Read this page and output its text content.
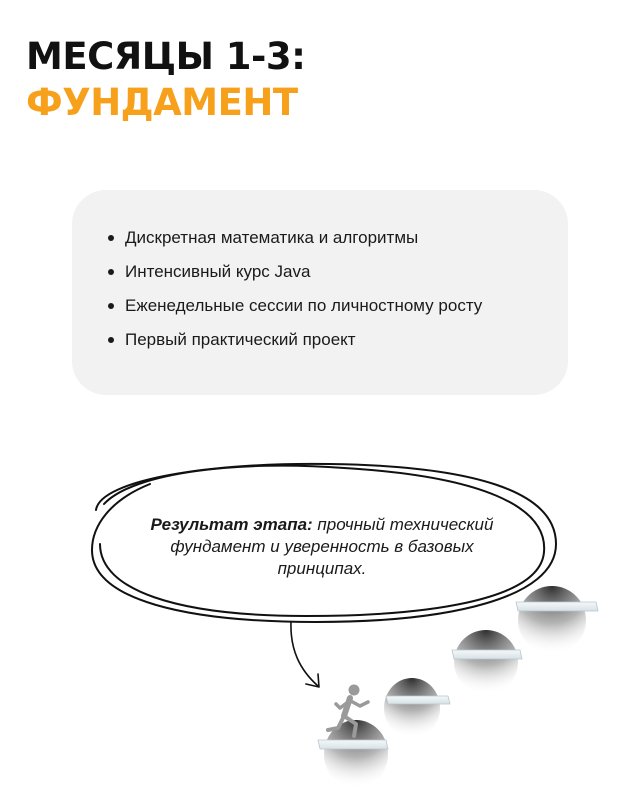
МЕСЯЦЫ 1-3:
ФУНДАМЕНТ
Дискретная математика и алгоритмы
Интенсивный курс Java
Еженедельные сессии по личностному росту
Первый практический проект
Результат этапа: прочный технический
фундамент и уверенность в базовых
принципах.
